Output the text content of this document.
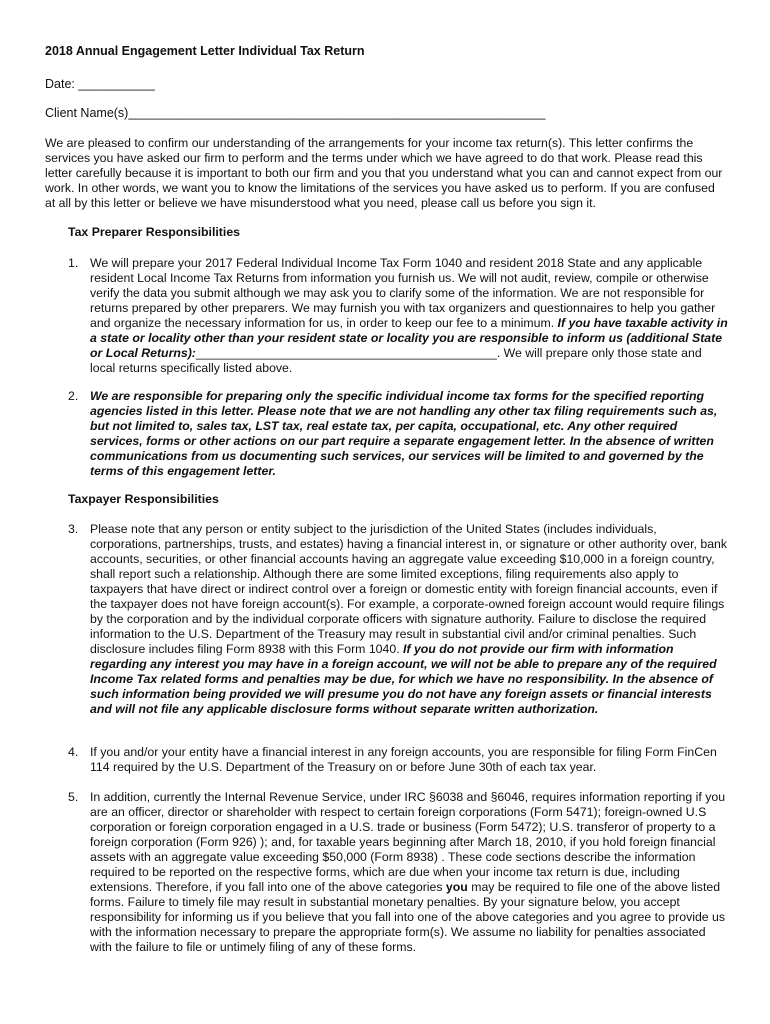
2018 Annual Engagement Letter Individual Tax Return
Date: ___________
Client Name(s)____________________________________________________________

We are pleased to confirm our understanding of the arrangements for your income tax return(s). This letter confirms the services you have asked our firm to perform and the terms under which we have agreed to do that work. Please read this letter carefully because it is important to both our firm and you that you understand what you can and cannot expect from our work. In other words, we want you to know the limitations of the services you have asked us to perform. If you are confused at all by this letter or believe we have misunderstood what you need, please call us before you sign it.

Tax Preparer Responsibilities
1. We will prepare your 2017 Federal Individual Income Tax Form 1040 and resident 2018 State and any applicable resident Local Income Tax Returns from information you furnish us. We will not audit, review, compile or otherwise verify the data you submit although we may ask you to clarify some of the information. We are not responsible for returns prepared by other preparers. We may furnish you with tax organizers and questionnaires to help you gather and organize the necessary information for us, in order to keep our fee to a minimum. If you have taxable activity in a state or locality other than your resident state or locality you are responsible to inform us (additional State or Local Returns):____________________________________________. We will prepare only those state and local returns specifically listed above.
2. We are responsible for preparing only the specific individual income tax forms for the specified reporting agencies listed in this letter. Please note that we are not handling any other tax filing requirements such as, but not limited to, sales tax, LST tax, real estate tax, per capita, occupational, etc. Any other required services, forms or other actions on our part require a separate engagement letter. In the absence of written communications from us documenting such services, our services will be limited to and governed by the terms of this engagement letter.
Taxpayer Responsibilities
3. Please note that any person or entity subject to the jurisdiction of the United States (includes individuals, corporations, partnerships, trusts, and estates) having a financial interest in, or signature or other authority over, bank accounts, securities, or other financial accounts having an aggregate value exceeding $10,000 in a foreign country, shall report such a relationship. Although there are some limited exceptions, filing requirements also apply to taxpayers that have direct or indirect control over a foreign or domestic entity with foreign financial accounts, even if the taxpayer does not have foreign account(s). For example, a corporate-owned foreign account would require filings by the corporation and by the individual corporate officers with signature authority. Failure to disclose the required information to the U.S. Department of the Treasury may result in substantial civil and/or criminal penalties. Such disclosure includes filing Form 8938 with this Form 1040. If you do not provide our firm with information regarding any interest you may have in a foreign account, we will not be able to prepare any of the required Income Tax related forms and penalties may be due, for which we have no responsibility. In the absence of such information being provided we will presume you do not have any foreign assets or financial interests and will not file any applicable disclosure forms without separate written authorization.
4. If you and/or your entity have a financial interest in any foreign accounts, you are responsible for filing Form FinCen 114 required by the U.S. Department of the Treasury on or before June 30th of each tax year.
5. In addition, currently the Internal Revenue Service, under IRC §6038 and §6046, requires information reporting if you are an officer, director or shareholder with respect to certain foreign corporations (Form 5471); foreign-owned U.S corporation or foreign corporation engaged in a U.S. trade or business (Form 5472); U.S. transferor of property to a foreign corporation (Form 926) ); and, for taxable years beginning after March 18, 2010, if you hold foreign financial assets with an aggregate value exceeding $50,000 (Form 8938) . These code sections describe the information required to be reported on the respective forms, which are due when your income tax return is due, including extensions. Therefore, if you fall into one of the above categories you may be required to file one of the above listed forms. Failure to timely file may result in substantial monetary penalties. By your signature below, you accept responsibility for informing us if you believe that you fall into one of the above categories and you agree to provide us with the information necessary to prepare the appropriate form(s). We assume no liability for penalties associated with the failure to file or untimely filing of any of these forms.
